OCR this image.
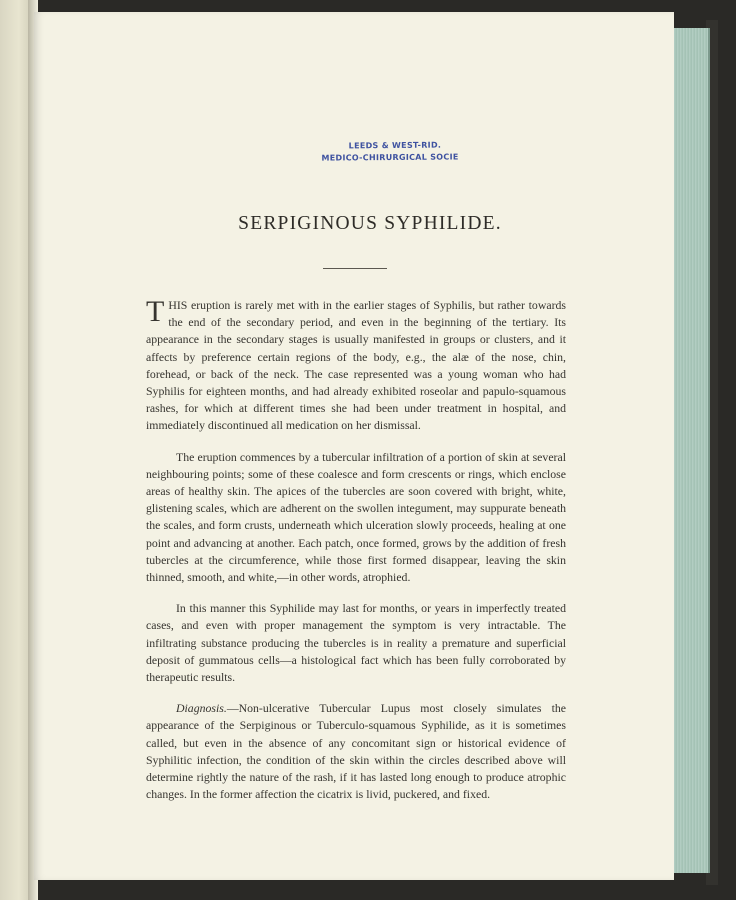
LEEDS & WEST-RID.
MEDICO-CHIRURGICAL SOCIE
SERPIGINOUS SYPHILIDE.

THIS eruption is rarely met with in the earlier stages of Syphilis, but rather towards the end of the secondary period, and even in the beginning of the tertiary. Its appearance in the secondary stages is usually manifested in groups or clusters, and it affects by preference certain regions of the body, e.g., the alæ of the nose, chin, forehead, or back of the neck. The case represented was a young woman who had Syphilis for eighteen months, and had already exhibited roseolar and papulo-squamous rashes, for which at different times she had been under treatment in hospital, and immediately discontinued all medication on her dismissal.

The eruption commences by a tubercular infiltration of a portion of skin at several neighbouring points; some of these coalesce and form crescents or rings, which enclose areas of healthy skin. The apices of the tubercles are soon covered with bright, white, glistening scales, which are adherent on the swollen integument, may suppurate beneath the scales, and form crusts, underneath which ulceration slowly proceeds, healing at one point and advancing at another. Each patch, once formed, grows by the addition of fresh tubercles at the circumference, while those first formed disappear, leaving the skin thinned, smooth, and white,—in other words, atrophied.

In this manner this Syphilide may last for months, or years in imperfectly treated cases, and even with proper management the symptom is very intractable. The infiltrating substance producing the tubercles is in reality a premature and superficial deposit of gummatous cells—a histological fact which has been fully corroborated by therapeutic results.

Diagnosis.—Non-ulcerative Tubercular Lupus most closely simulates the appearance of the Serpiginous or Tuberculo-squamous Syphilide, as it is sometimes called, but even in the absence of any concomitant sign or historical evidence of Syphilitic infection, the condition of the skin within the circles described above will determine rightly the nature of the rash, if it has lasted long enough to produce atrophic changes. In the former affection the cicatrix is livid, puckered, and fixed.
